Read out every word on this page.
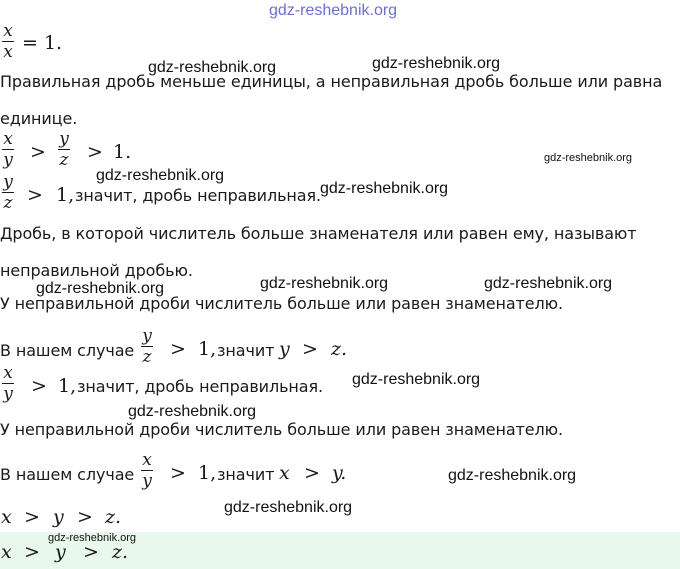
gdz-reshebnik.org
x
x = 1.
Правильная дробь меньше единицы, а неправильная дробь больше или равна
единице.
x
y >
y
z > 1.
y
z > 1, значит, дробь неправильная.
Дробь, в которой числитель больше знаменателя или равен ему, называют
неправильной дробью.
У неправильной дроби числитель больше или равен знаменателю.
В нашем случае
y
z > 1, значит y > z.
x
y > 1, значит, дробь неправильная.
У неправильной дроби числитель больше или равен знаменателю.
В нашем случае
x
y > 1, значит x > y.
x > y > z.
x > y > z.
gdz-reshebnik.org	gdz-reshebnik.org
gdz-reshebnik.org
gdz-reshebnik.org
gdz-reshebnik.org
gdz-reshebnik.org	gdz-reshebnik.org
gdz-reshebnik.org
gdz-reshebnik.org
gdz-reshebnik.org
gdz-reshebnik.org
gdz-reshebnik.org
gdz-reshebnik.org
